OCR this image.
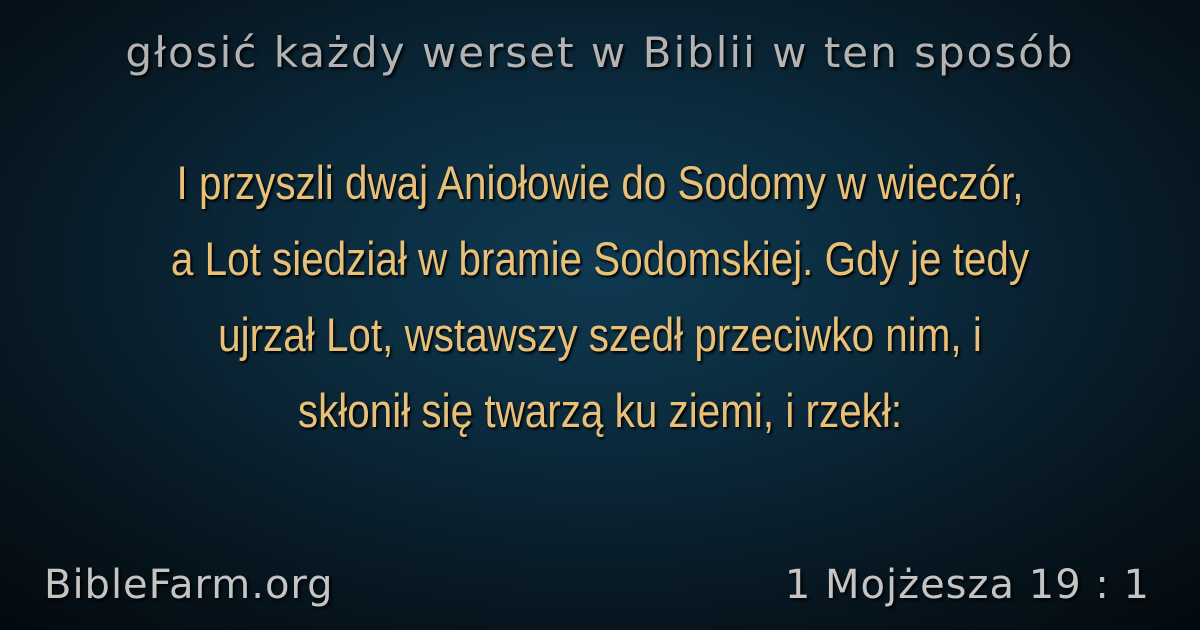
głosić każdy werset w Biblii w ten sposób
I przyszli dwaj Aniołowie do Sodomy w wieczór,
a Lot siedział w bramie Sodomskiej. Gdy je tedy
ujrzał Lot, wstawszy szedł przeciwko nim, i
skłonił się twarzą ku ziemi, i rzekł:
BibleFarm.org	1 Mojżesza 19 : 1
